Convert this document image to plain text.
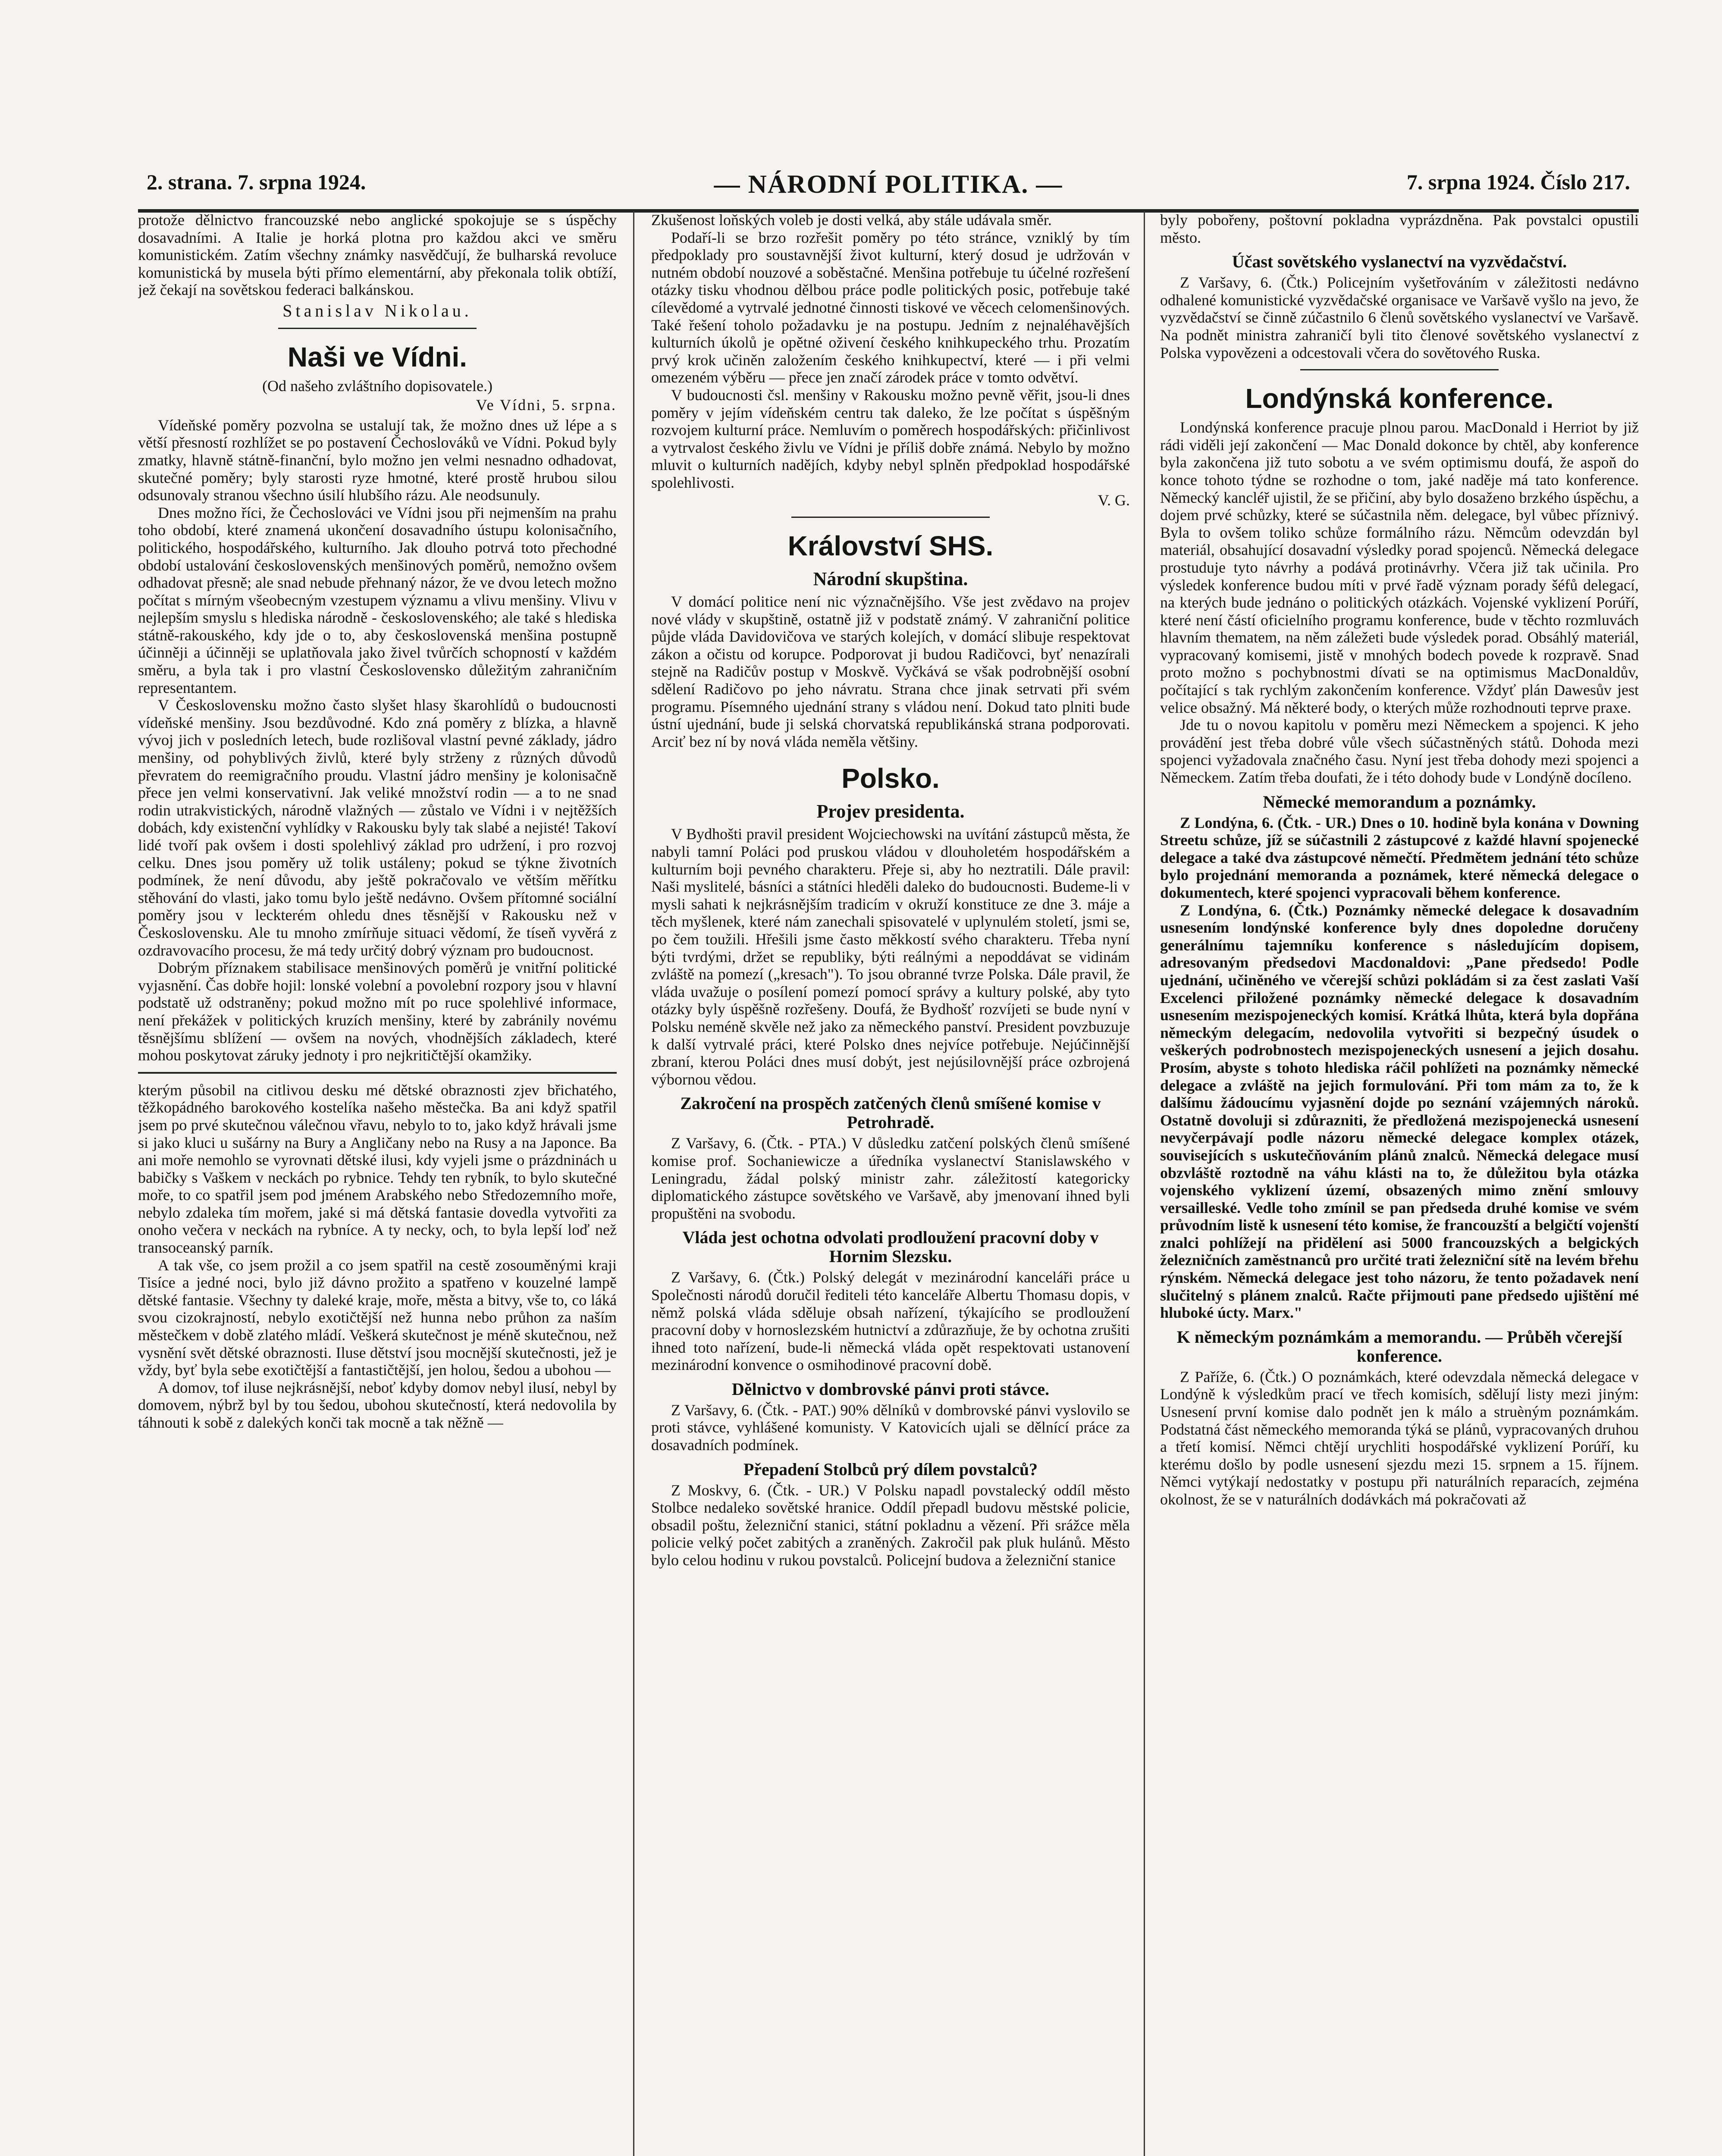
2. strana. 7. srpna 1924.	— NÁRODNÍ POLITIKA. —	7. srpna 1924. Číslo 217.

protože dělnictvo francouzské nebo anglické spokojuje se s úspěchy dosavadními. A Italie je horká plotna pro každou akci ve směru komunistickém. Zatím všechny známky nasvědčují, že bulharská revoluce komunistická by musela býti přímo elementární, aby překonala tolik obtíží, jež čekají na sovětskou federaci balkánskou.

Stanislav Nikolau.
Naši ve Vídni.
(Od našeho zvláštního dopisovatele.)
Ve Vídni, 5. srpna.

Vídeňské poměry pozvolna se ustalují tak, že možno dnes už lépe a s větší přesností rozhlížet se po postavení Čechoslováků ve Vídni. Pokud byly zmatky, hlavně státně-finanční, bylo možno jen velmi nesnadno odhadovat, skutečné poměry; byly starosti ryze hmotné, které prostě hrubou silou odsunovaly stranou všechno úsilí hlubšího rázu. Ale neodsunuly.

Dnes možno říci, že Čechoslováci ve Vídni jsou při nejmenším na prahu toho období, které znamená ukončení dosavadního ústupu kolonisačního, politického, hospodářského, kulturního. Jak dlouho potrvá toto přechodné období ustalování československých menšinových poměrů, nemožno ovšem odhadovat přesně; ale snad nebude přehnaný názor, že ve dvou letech možno počítat s mírným všeobecným vzestupem významu a vlivu menšiny. Vlivu v nejlepším smyslu s hlediska národně - československého; ale také s hlediska státně-rakouského, kdy jde o to, aby československá menšina postupně účinněji a účinněji se uplatňovala jako živel tvůrčích schopností v každém směru, a byla tak i pro vlastní Československo důležitým zahraničním representantem.

V Československu možno často slyšet hlasy škarohlídů o budoucnosti vídeňské menšiny. Jsou bezdůvodné. Kdo zná poměry z blízka, a hlavně vývoj jich v posledních letech, bude rozlišoval vlastní pevné základy, jádro menšiny, od pohyblivých živlů, které byly strženy z různých důvodů převratem do reemigračního proudu. Vlastní jádro menšiny je kolonisačně přece jen velmi konservativní. Jak veliké množství rodin — a to ne snad rodin utrakvistických, národně vlažných — zůstalo ve Vídni i v nejtěžších dobách, kdy existenční vyhlídky v Rakousku byly tak slabé a nejisté! Takoví lidé tvoří pak ovšem i dosti spolehlivý základ pro udržení, i pro rozvoj celku. Dnes jsou poměry už tolik ustáleny; pokud se týkne životních podmínek, že není důvodu, aby ještě pokračovalo ve větším měřítku stěhování do vlasti, jako tomu bylo ještě nedávno. Ovšem přítomné sociální poměry jsou v leckterém ohledu dnes těsnější v Rakousku než v Československu. Ale tu mnoho zmírňuje situaci vědomí, že tíseň vyvěrá z ozdravovacího procesu, že má tedy určitý dobrý význam pro budoucnost.

Dobrým příznakem stabilisace menšinových poměrů je vnitřní politické vyjasnění. Čas dobře hojil: lonské volební a povolební rozpory jsou v hlavní podstatě už odstraněny; pokud možno mít po ruce spolehlivé informace, není překážek v politických kruzích menšiny, které by zabránily novému těsnějšímu sblížení — ovšem na nových, vhodnějších základech, které mohou poskytovat zárukу jednoty i pro nejkritičtější okamžiky.

kterým působil na citlivou desku mé dětské obraznosti zjev břichatého, těžkopádného barokového kostelíka našeho městečka. Ba ani když spatřil jsem po prvé skutečnou válečnou vřavu, nebylo to to, jako když hrávali jsme si jako kluci u sušárny na Bury a Angličany nebo na Rusy a na Japonce. Ba ani moře nemohlo se vyrovnati dětské ilusi, kdy vyjeli jsme o prázdninách u babičky s Vaškem v neckách po rybnice. Tehdy ten rybník, to bylo skutečné moře, to co spatřil jsem pod jménem Arabského nebo Středozemního moře, nebylo zdaleka tím mořem, jaké si má dětská fantasie dovedla vytvořiti za onoho večera v neckách na rybníce. A ty necky, och, to byla lepší loď než transoceanský parník.

A tak vše, co jsem prožil a co jsem spatřil na cestě zosouměnými kraji Tisíce a jedné noci, bylo již dávno prožito a spatřeno v kouzelné lampě dětské fantasie. Všechny ty daleké kraje, moře, města a bitvy, vše to, co láká svou cizokrajností, nebylo exotičtější než hunna nebo průhon za naším městečkem v době zlatého mládí. Veškerá skutečnost je méně skutečnou, než vysnění svět dětské obraznosti. Iluse dětství jsou mocnější skutečnosti, jež je vždy, byť byla sebe exotičtější a fantastičtější, jen holou, šedou a ubohou —

A domov, tof iluse nejkrásnější, neboť kdyby domov nebyl ilusí, nebyl by domovem, nýbrž byl by tou šedou, ubohou skutečností, která nedovolila by táhnouti k sobě z dalekých konči tak mocně a tak něžně —

Zkušenost loňských voleb je dosti velká, aby stále udávala směr.

Podaří-li se brzo rozřešit poměry po této stránce, vzniklý by tím předpoklady pro soustavnější život kulturní, který dosud je udržován v nutném období nouzové a soběstačné. Menšina potřebuje tu účelné rozřešení otázky tisku vhodnou dělbou práce podle politických posic, potřebuje také cílevědomé a vytrvalé jednotné činnosti tiskové ve věcech celomenšinových. Také řešení toholo požadavku je na postupu. Jedním z nejnaléhavějších kulturních úkolů je opětné oživení českého knihkupeckého trhu. Prozatím prvý krok učiněn založením českého knihkupectví, které — i při velmi omezeném výběru — přece jen značí zárodek práce v tomto odvětví.

V budoucnosti čsl. menšiny v Rakousku možno pevně věřit, jsou-li dnes poměry v jejím vídeňském centru tak daleko, že lze počítat s úspěšným rozvojem kulturní práce. Nemluvím o poměrech hospodářských: přičinlivost a vytrvalost českého živlu ve Vídni je příliš dobře známá. Nebylo by možno mluvit o kulturních nadějích, kdyby nebyl splněn předpoklad hospodářské spolehlivosti.

V. G.

Království SHS.
Národní skupština.

V domácí politice není nic význačnějšího. Vše jest zvědavo na projev nové vlády v skupštině, ostatně již v podstatě známý. V zahraniční politice půjde vláda Davidovičova ve starých kolejích, v domácí slibuje respektovat zákon a očistu od korupce. Podporovat ji budou Radičovci, byť nenazírali stejně na Radičův postup v Moskvě. Vyčkává se však podrobnější osobní sdělení Radičovo po jeho návratu. Strana chce jinak setrvati při svém programu. Písemného ujednání strany s vládou není. Dokud tato plniti bude ústní ujednání, bude ji selská chorvatská republikánská strana podporovati. Arciť bez ní by nová vláda neměla většiny.

Polsko.
Projev presidenta.

V Bydhošti pravil president Wojciechowski na uvítání zástupců města, že nabyli tamní Poláci pod pruskou vládou v dlouholetém hospodářském a kulturním boji pevného charakteru. Přeje si, aby ho neztratili. Dále pravil: Naši myslitelé, básníci a státníci hleděli daleko do budoucnosti. Budeme-li v mysli sahati k nejkrásnějším tradicím v okruží konstituce ze dne 3. máje a těch myšlenek, které nám zanechali spisovatelé v uplynulém století, jsmi se, po čem toužili. Hřešili jsme často měkkostí svého charakteru. Třeba nyní býti tvrdými, držet se republiky, býti reálnými a nepoddávat se vidinám zvláště na pomezí („kresach"). To jsou obranné tvrze Polska. Dále pravil, že vláda uvažuje o posílení pomezí pomocí správy a kultury polské, aby tyto otázky byly úspěšně rozřešeny. Doufá, že Bydhošť rozvíjeti se bude nyní v Polsku neméně skvěle než jako za německého panství. President povzbuzuje k další vytrvalé práci, které Polsko dnes nejvíce potřebuje. Nejúčinnější zbraní, kterou Poláci dnes musí dobýt, jest nejúsilovnější práce ozbrojená výbornou vědou.

Zakročení na prospěch zatčených členů smíšené komise v Petrohradě.

Z Varšavy, 6. (Čtk. - PTA.) V důsledku zatčení polských členů smíšené komise prof. Sochaniewicze a úředníka vyslanectví Stanislawského v Leningradu, žádal polský ministr zahr. záležitostí kategoricky diplomatického zástupce sovětského ve Varšavě, aby jmenovaní ihned byli propuštěni na svobodu.

Vláda jest ochotna odvolati prodloužení pracovní doby v Hornim Slezsku.

Z Varšavy, 6. (Čtk.) Polský delegát v mezinárodní kanceláři práce u Společnosti národů doručil řediteli této kanceláře Albertu Thomasu dopis, v němž polská vláda sděluje obsah nařízení, týkajícího se prodloužení pracovní doby v hornoslezském hutnictví a zdůrazňuje, že by ochotna zrušiti ihned toto nařízení, bude-li německá vláda opět respektovati ustanovení mezinárodní konvence o osmihodinové pracovní době.

Dělnictvo v dombrovské pánvi proti stávce.

Z Varšavy, 6. (Čtk. - PAT.) 90% dělníků v dombrovské pánvi vyslovilo se proti stávce, vyhlášené komunisty. V Katovicích ujali se dělnící práce za dosavadních podmínek.

Přepadení Stolbců prý dílem povstalců?

Z Moskvy, 6. (Čtk. - UR.) V Polsku napadl povstalecký oddíl město Stolbce nedaleko sovětské hranice. Oddíl přepadl budovu městské policie, obsadil poštu, železniční stanici, státní pokladnu a vězení. Při srážce měla policie velký počet zabitých a zraněných. Zakročil pak pluk hulánů. Město bylo celou hodinu v rukou povstalců. Policejní budova a železniční stanice

byly pobořeny, poštovní pokladna vyprázdněna. Pak povstalci opustili město.

Účast sovětského vyslanectví na vyzvědačství.

Z Varšavy, 6. (Čtk.) Policejním vyšetřováním v záležitosti nedávno odhalené komunistické vyzvědačské organisace ve Varšavě vyšlo na jevo, že vyzvědačství se činně zúčastnilo 6 členů sovětského vyslanectví ve Varšavě. Na podnět ministra zahraničí byli tito členové sovětského vyslanectví z Polska vypovězeni a odcestovali včera do sovětového Ruska.

Londýnská konference.

Londýnská konference pracuje plnou parou. MacDonald i Herriot by již rádi viděli její zakončení — Mac Donald dokonce by chtěl, aby konference byla zakončena již tuto sobotu a ve svém optimismu doufá, že aspoň do konce tohoto týdne se rozhodne o tom, jaké naděje má tato konference. Německý kancléř ujistil, že se přičiní, aby bylo dosaženo brzkého úspěchu, a dojem prvé schůzky, které se súčastnila něm. delegace, byl vůbec příznivý. Byla to ovšem toliko schůze formálního rázu. Němcům odevzdán byl materiál, obsahující dosavadní výsledky porad spojenců. Německá delegace prostuduje tyto návrhy a podává protinávrhy. Včera již tak učinila. Pro výsledek konference budou míti v prvé řadě význam porady šéfů delegací, na kterých bude jednáno o politických otázkách. Vojenské vyklizení Porúří, které není částí oficielního programu konference, bude v těchto rozmluvách hlavním thematem, na něm záležeti bude výsledek porad. Obsáhlý materiál, vypracovaný komisemi, jistě v mnohých bodech povede k rozpravě. Snad proto možno s pochybnostmi dívati se na optimismus MacDonaldův, počítající s tak rychlým zakončením konference. Vždyť plán Dawesův jest velice obsažný. Má některé body, o kterých může rozhodnouti teprve praxe.

Jde tu o novou kapitolu v poměru mezi Německem a spojenci. K jeho provádění jest třeba dobré vůle všech súčastněných států. Dohoda mezi spojenci vyžadovala značného času. Nyní jest třeba dohody mezi spojenci a Německem. Zatím třeba doufati, že i této dohody bude v Londýně docíleno.

Německé memorandum a poznámky.

Z Londýna, 6. (Čtk. - UR.) Dnes o 10. hodině byla konána v Downing Streetu schůze, jíž se súčastnili 2 zástupcové z každé hlavní spojenecké delegace a také dva zástupcové němečtí. Předmětem jednání této schůze bylo projednání memoranda a poznámek, které německá delegace o dokumentech, které spojenci vypracovali během konference.

Z Londýna, 6. (Čtk.) Poznámky německé delegace k dosavadním usnesením londýnské konference byly dnes dopoledne doručeny generálnímu tajemníku konference s následujícím dopisem, adresovaným předsedovi Macdonaldovi: „Pane předsedo! Podle ujednání, učiněného ve včerejší schůzi pokládám si za čest zaslati Vaší Excelenci přiložené poznámky německé delegace k dosavadním usnesením mezispojeneckých komisí. Krátká lhůta, která byla dopřána německým delegacím, nedovolila vytvořiti si bezpečný úsudek o veškerých podrobnostech mezispojeneckých usnesení a jejich dosahu. Prosím, abyste s tohoto hlediska ráčil pohlížeti na poznámky německé delegace a zvláště na jejich formulování. Při tom mám za to, že k dalšímu žádoucímu vyjasnění dojde po seznání vzájemných nároků. Ostatně dovoluji si zdůrazniti, že předložená mezispojenecká usnesení nevyčerpávají podle názoru německé delegace komplex otázek, souvisejících s uskutečňováním plánů znalců. Německá delegace musí obzvláště roztodně na váhu klásti na to, že důležitou byla otázka vojenského vyklizení území, obsazených mimo znění smlouvy versailleské. Vedle toho zmínil se pan předseda druhé komise ve svém průvodním listě k usnesení této komise, že francouzští a belgičtí vojenští znalci pohlížejí na přidělení asi 5000 francouzských a belgických železničních zaměstnanců pro určité trati železniční sítě na levém břehu rýnském. Německá delegace jest toho názoru, že tento požadavek není slučitelný s plánem znalců. Račte přijmouti pane předsedo ujištění mé hluboké úcty. Marx."

K německým poznámkám a memorandu. — Průběh včerejší konference.

Z Paříže, 6. (Čtk.) O poznámkách, které odevzdala německá delegace v Londýně k výsledkům prací ve třech komisích, sdělují listy mezi jiným: Usnesení první komise dalo podnět jen k málo a struèným poznámkám. Podstatná část německého memoranda týká se plánů, vypracovaných druhou a třetí komisí. Němci chtějí urychliti hospodářské vyklizení Porúří, ku kterému došlo by podle usnesení sjezdu mezi 15. srpnem a 15. říjnem. Němci vytýkají nedostatky v postupu při naturálních reparacích, zejména okolnost, že se v naturálních dodávkách má pokračovati až
